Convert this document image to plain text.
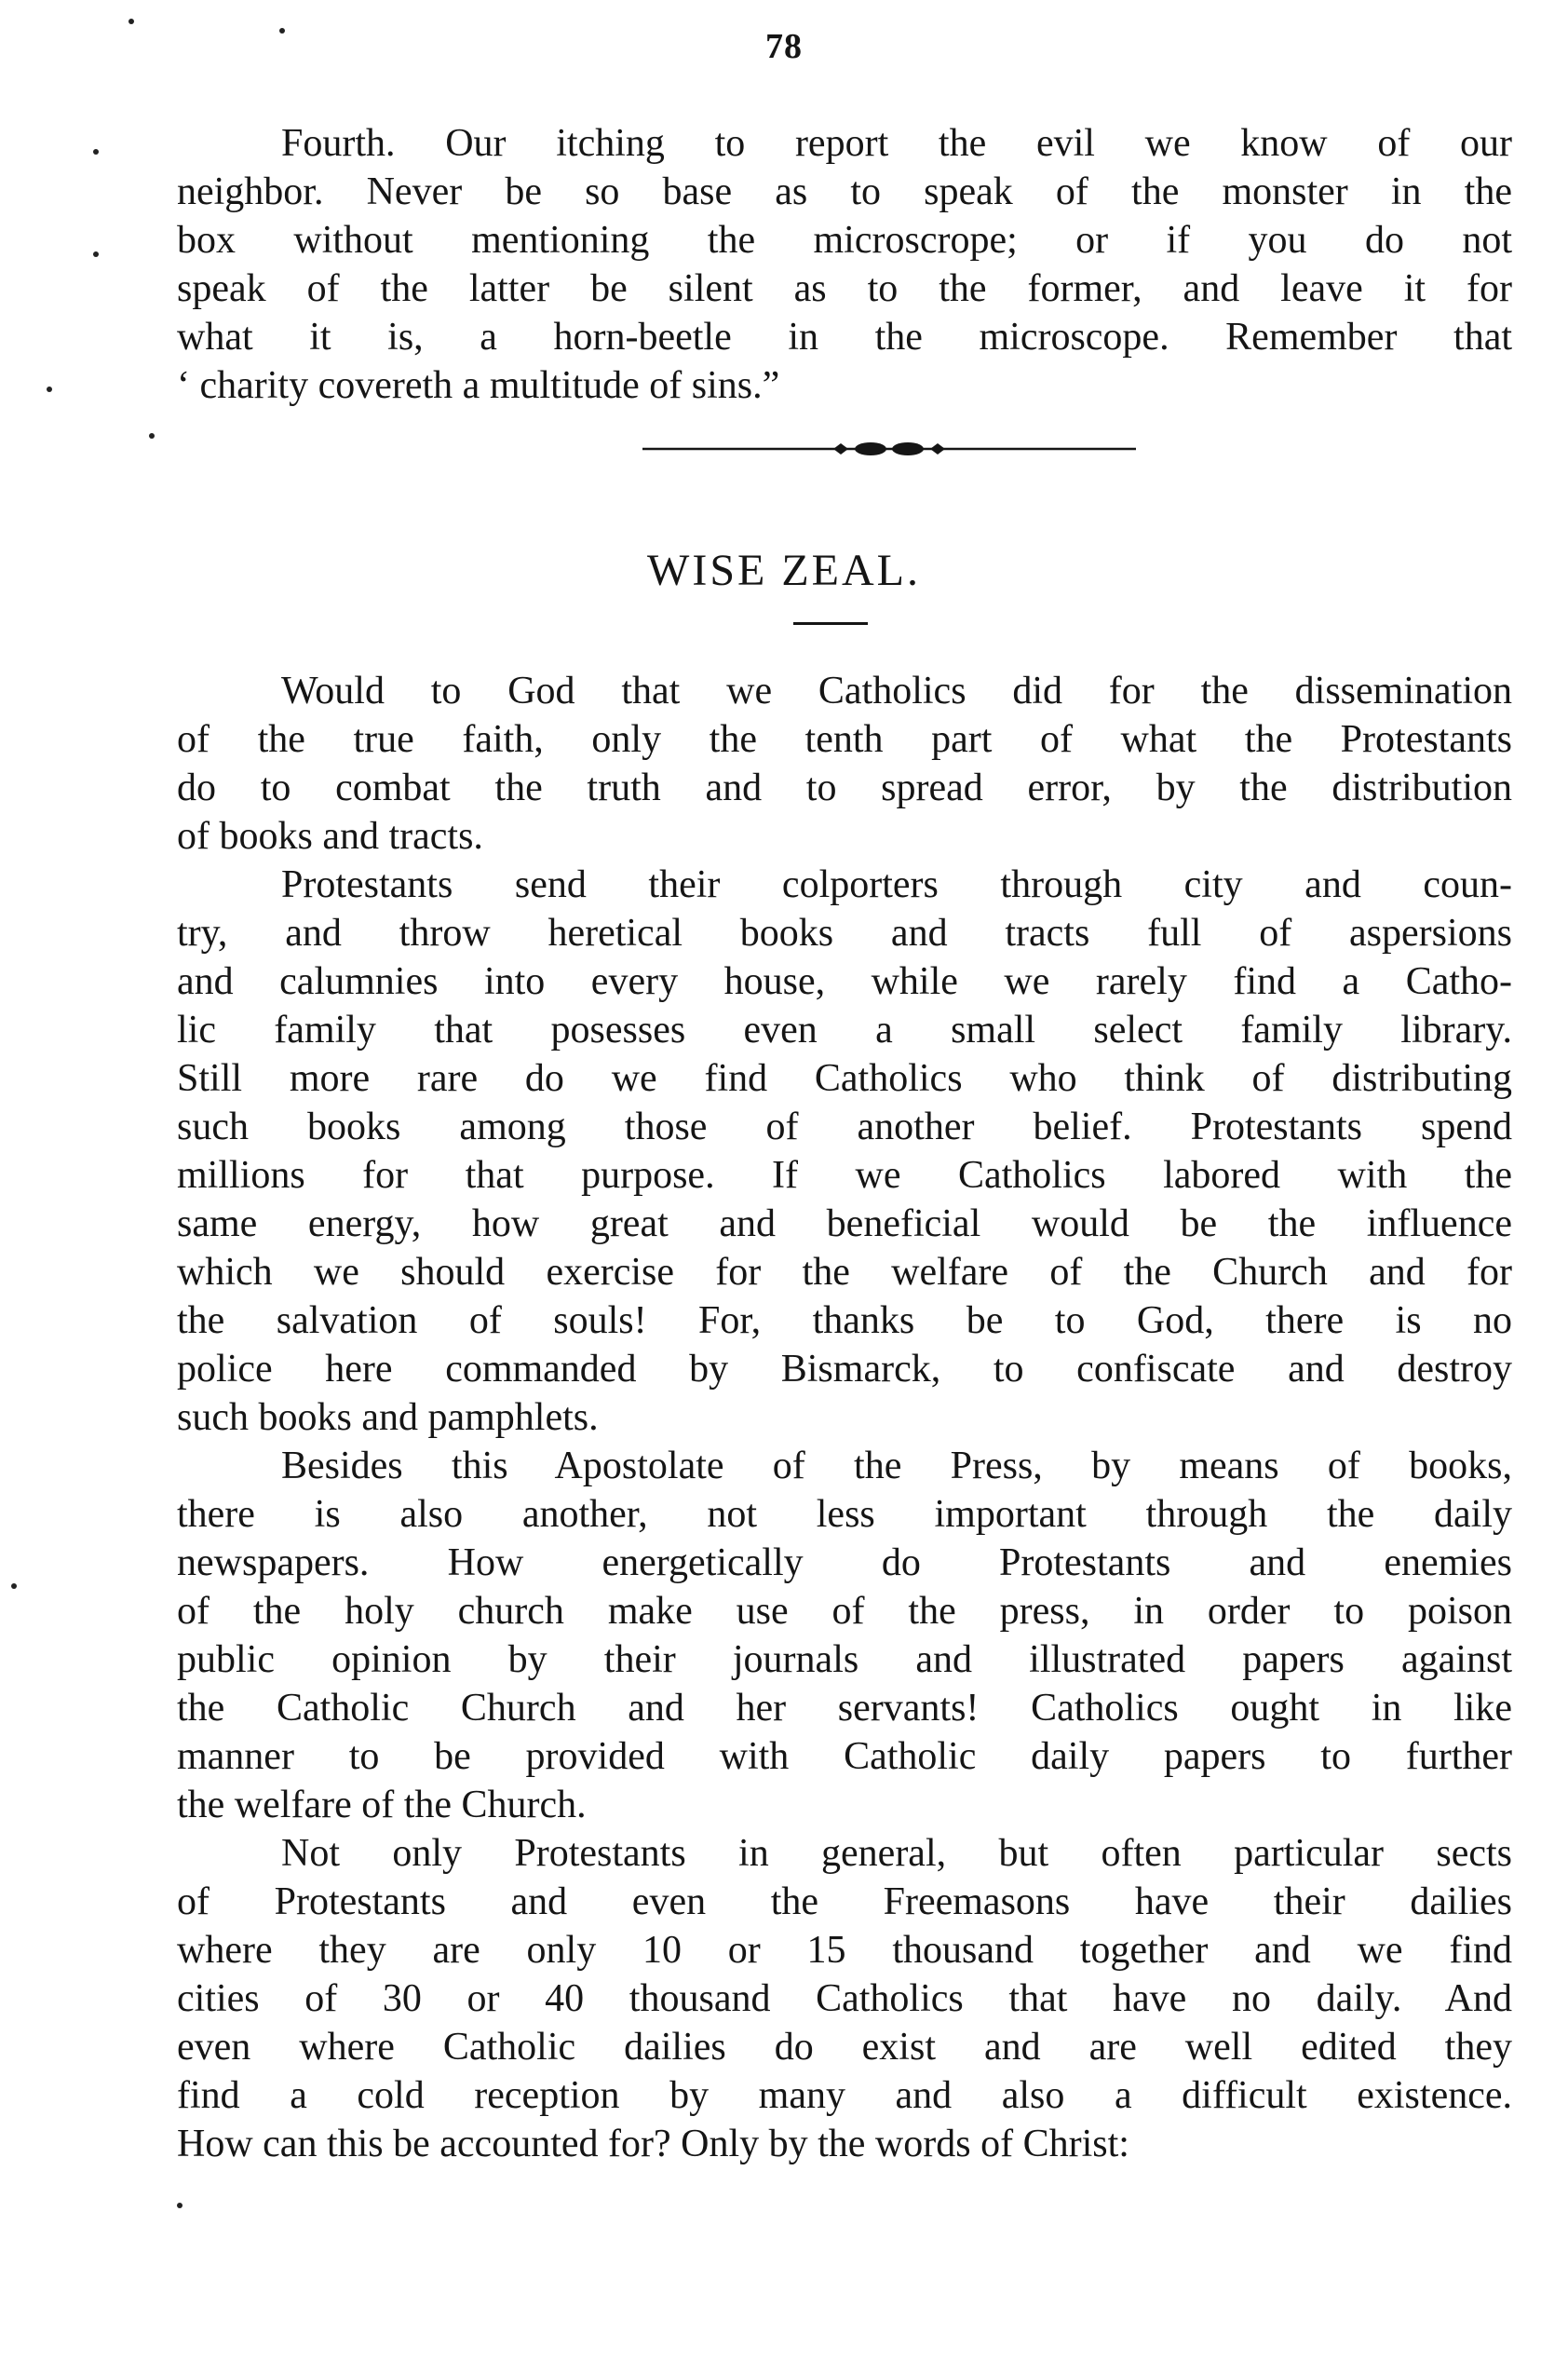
78
Fourth. Our itching to report the evil we know of our
neighbor. Never be so base as to speak of the monster in the
box without mentioning the microscrope; or if you do not
speak of the latter be silent as to the former, and leave it for
what it is, a horn-beetle in the microscope. Remember that
‘ charity covereth a multitude of sins.”
WISE ZEAL.
Would to God that we Catholics did for the dissemination
of the true faith, only the tenth part of what the Protestants
do to combat the truth and to spread error, by the distribution
of books and tracts.
Protestants send their colporters through city and coun-
try, and throw heretical books and tracts full of aspersions
and calumnies into every house, while we rarely find a Catho-
lic family that posesses even a small select family library.
Still more rare do we find Catholics who think of distributing
such books among those of another belief. Protestants spend
millions for that purpose. If we Catholics labored with the
same energy, how great and beneficial would be the influence
which we should exercise for the welfare of the Church and for
the salvation of souls! For, thanks be to God, there is no
police here commanded by Bismarck, to confiscate and destroy
such books and pamphlets.
Besides this Apostolate of the Press, by means of books,
there is also another, not less important through the daily
newspapers. How energetically do Protestants and enemies
of the holy church make use of the press, in order to poison
public opinion by their journals and illustrated papers against
the Catholic Church and her servants! Catholics ought in like
manner to be provided with Catholic daily papers to further
the welfare of the Church.
Not only Protestants in general, but often particular sects
of Protestants and even the Freemasons have their dailies
where they are only 10 or 15 thousand together and we find
cities of 30 or 40 thousand Catholics that have no daily. And
even where Catholic dailies do exist and are well edited they
find a cold reception by many and also a difficult existence.
How can this be accounted for? Only by the words of Christ:
